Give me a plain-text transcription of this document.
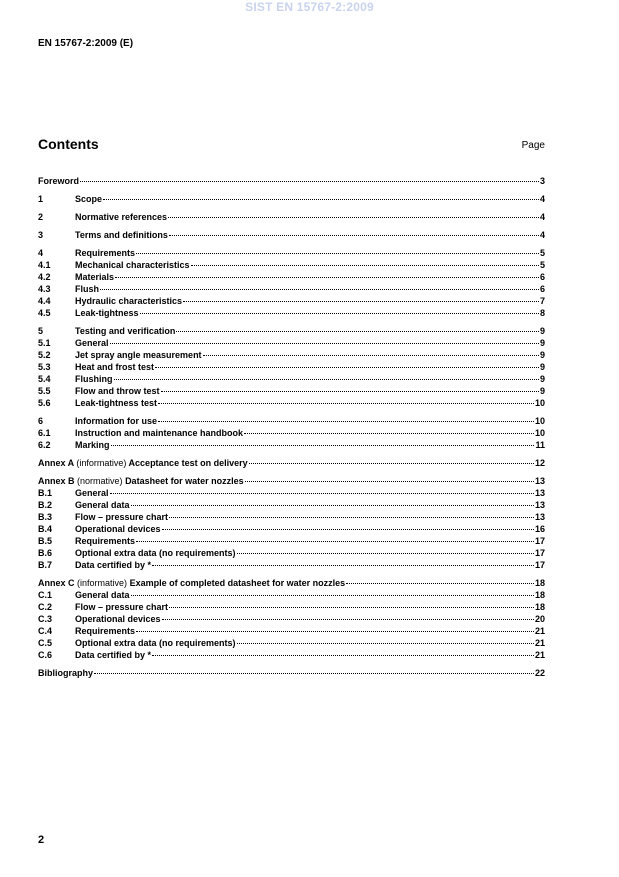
SIST EN 15767-2:2009
EN 15767-2:2009 (E)
Contents	Page
Foreword	3
1	Scope	4
2	Normative references	4
3	Terms and definitions	4
4	Requirements	5
4.1	Mechanical characteristics	5
4.2	Materials	6
4.3	Flush	6
4.4	Hydraulic characteristics	7
4.5	Leak-tightness	8
5	Testing and verification	9
5.1	General	9
5.2	Jet spray angle measurement	9
5.3	Heat and frost test	9
5.4	Flushing	9
5.5	Flow and throw test	9
5.6	Leak-tightness test	10
6	Information for use	10
6.1	Instruction and maintenance handbook	10
6.2	Marking	11
Annex A (informative) Acceptance test on delivery	12
Annex B (normative) Datasheet for water nozzles	13
B.1	General	13
B.2	General data	13
B.3	Flow – pressure chart	13
B.4	Operational devices	16
B.5	Requirements	17
B.6	Optional extra data (no requirements)	17
B.7	Data certified by *	17
Annex C (informative) Example of completed datasheet for water nozzles	18
C.1	General data	18
C.2	Flow – pressure chart	18
C.3	Operational devices	20
C.4	Requirements	21
C.5	Optional extra data (no requirements)	21
C.6	Data certified by *	21
Bibliography	22
2
